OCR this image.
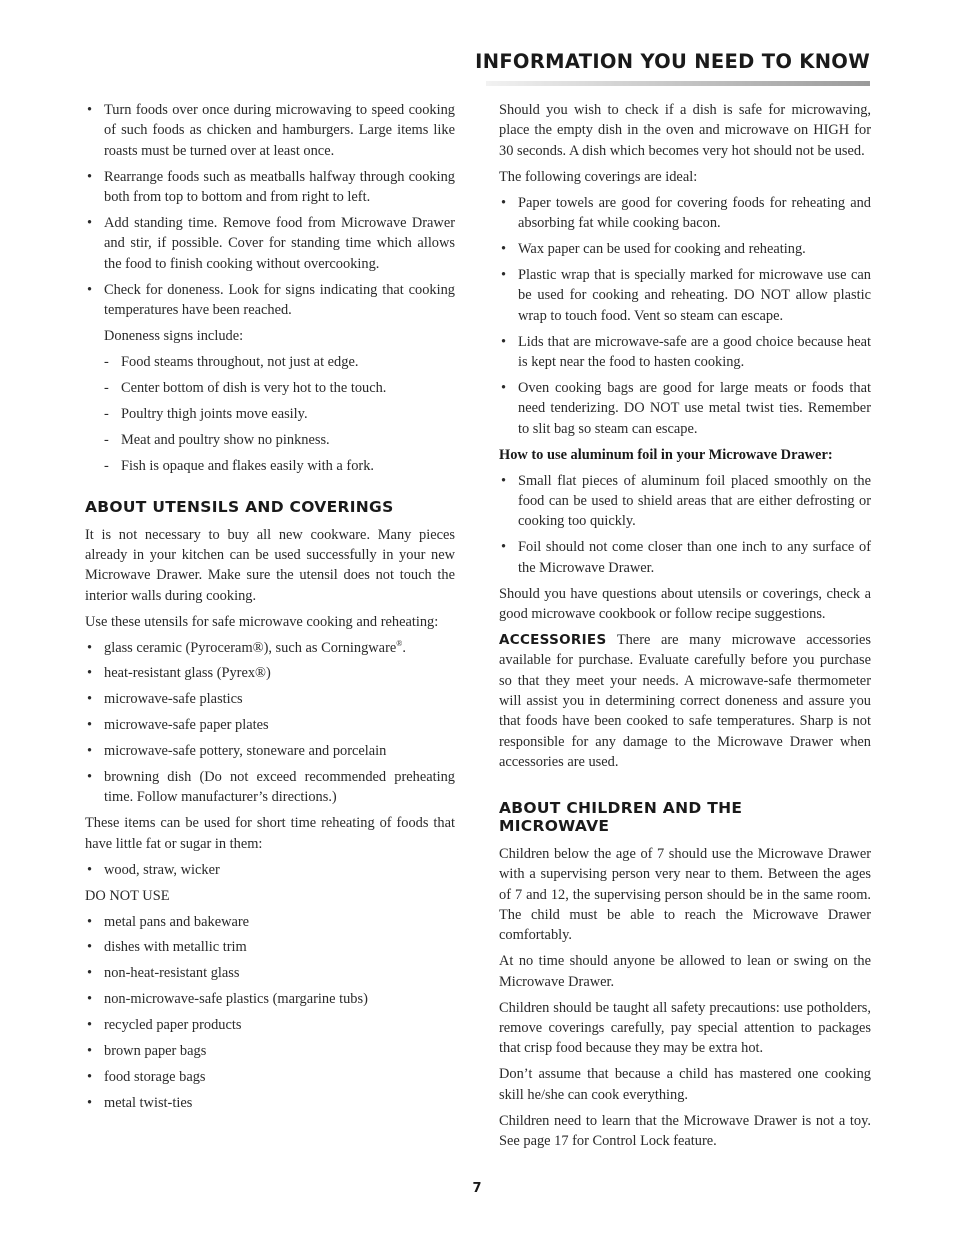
INFORMATION YOU NEED TO KNOW
• Turn foods over once during microwaving to speed cooking of such foods as chicken and hamburgers. Large items like roasts must be turned over at least once.
• Rearrange foods such as meatballs halfway through cooking both from top to bottom and from right to left.
• Add standing time. Remove food from Microwave Drawer and stir, if possible. Cover for standing time which allows the food to finish cooking without overcooking.
• Check for doneness. Look for signs indicating that cooking temperatures have been reached.

Doneness signs include:

- Food steams throughout, not just at edge.
- Center bottom of dish is very hot to the touch.
- Poultry thigh joints move easily.
- Meat and poultry show no pinkness.
- Fish is opaque and flakes easily with a fork.
ABOUT UTENSILS AND COVERINGS

It is not necessary to buy all new cookware. Many pieces already in your kitchen can be used successfully in your new Microwave Drawer. Make sure the utensil does not touch the interior walls during cooking.

Use these utensils for safe microwave cooking and reheating:

• glass ceramic (Pyroceram®), such as Corningware®.
• heat-resistant glass (Pyrex®)
• microwave-safe plastics
• microwave-safe paper plates
• microwave-safe pottery, stoneware and porcelain
• browning dish (Do not exceed recommended preheating time. Follow manufacturer’s directions.)

These items can be used for short time reheating of foods that have little fat or sugar in them:

• wood, straw, wicker

DO NOT USE

• metal pans and bakeware
• dishes with metallic trim
• non-heat-resistant glass
• non-microwave-safe plastics (margarine tubs)
• recycled paper products
• brown paper bags
• food storage bags
• metal twist-ties

Should you wish to check if a dish is safe for microwaving, place the empty dish in the oven and microwave on HIGH for 30 seconds. A dish which becomes very hot should not be used.

The following coverings are ideal:

• Paper towels are good for covering foods for reheating and absorbing fat while cooking bacon.
• Wax paper can be used for cooking and reheating.
• Plastic wrap that is specially marked for microwave use can be used for cooking and reheating. DO NOT allow plastic wrap to touch food. Vent so steam can escape.
• Lids that are microwave-safe are a good choice because heat is kept near the food to hasten cooking.
• Oven cooking bags are good for large meats or foods that need tenderizing. DO NOT use metal twist ties. Remember to slit bag so steam can escape.

How to use aluminum foil in your Microwave Drawer:

• Small flat pieces of aluminum foil placed smoothly on the food can be used to shield areas that are either defrosting or cooking too quickly.
• Foil should not come closer than one inch to any surface of the Microwave Drawer.

Should you have questions about utensils or coverings, check a good microwave cookbook or follow recipe suggestions.

ACCESSORIES There are many microwave accessories available for purchase. Evaluate carefully before you purchase so that they meet your needs. A microwave-safe thermometer will assist you in determining correct doneness and assure you that foods have been cooked to safe temperatures. Sharp is not responsible for any damage to the Microwave Drawer when accessories are used.

ABOUT CHILDREN AND THE
MICROWAVE

Children below the age of 7 should use the Microwave Drawer with a supervising person very near to them. Between the ages of 7 and 12, the supervising person should be in the same room. The child must be able to reach the Microwave Drawer comfortably.

At no time should anyone be allowed to lean or swing on the Microwave Drawer.

Children should be taught all safety precautions: use potholders, remove coverings carefully, pay special attention to packages that crisp food because they may be extra hot.

Don’t assume that because a child has mastered one cooking skill he/she can cook everything.

Children need to learn that the Microwave Drawer is not a toy. See page 17 for Control Lock feature.

7
